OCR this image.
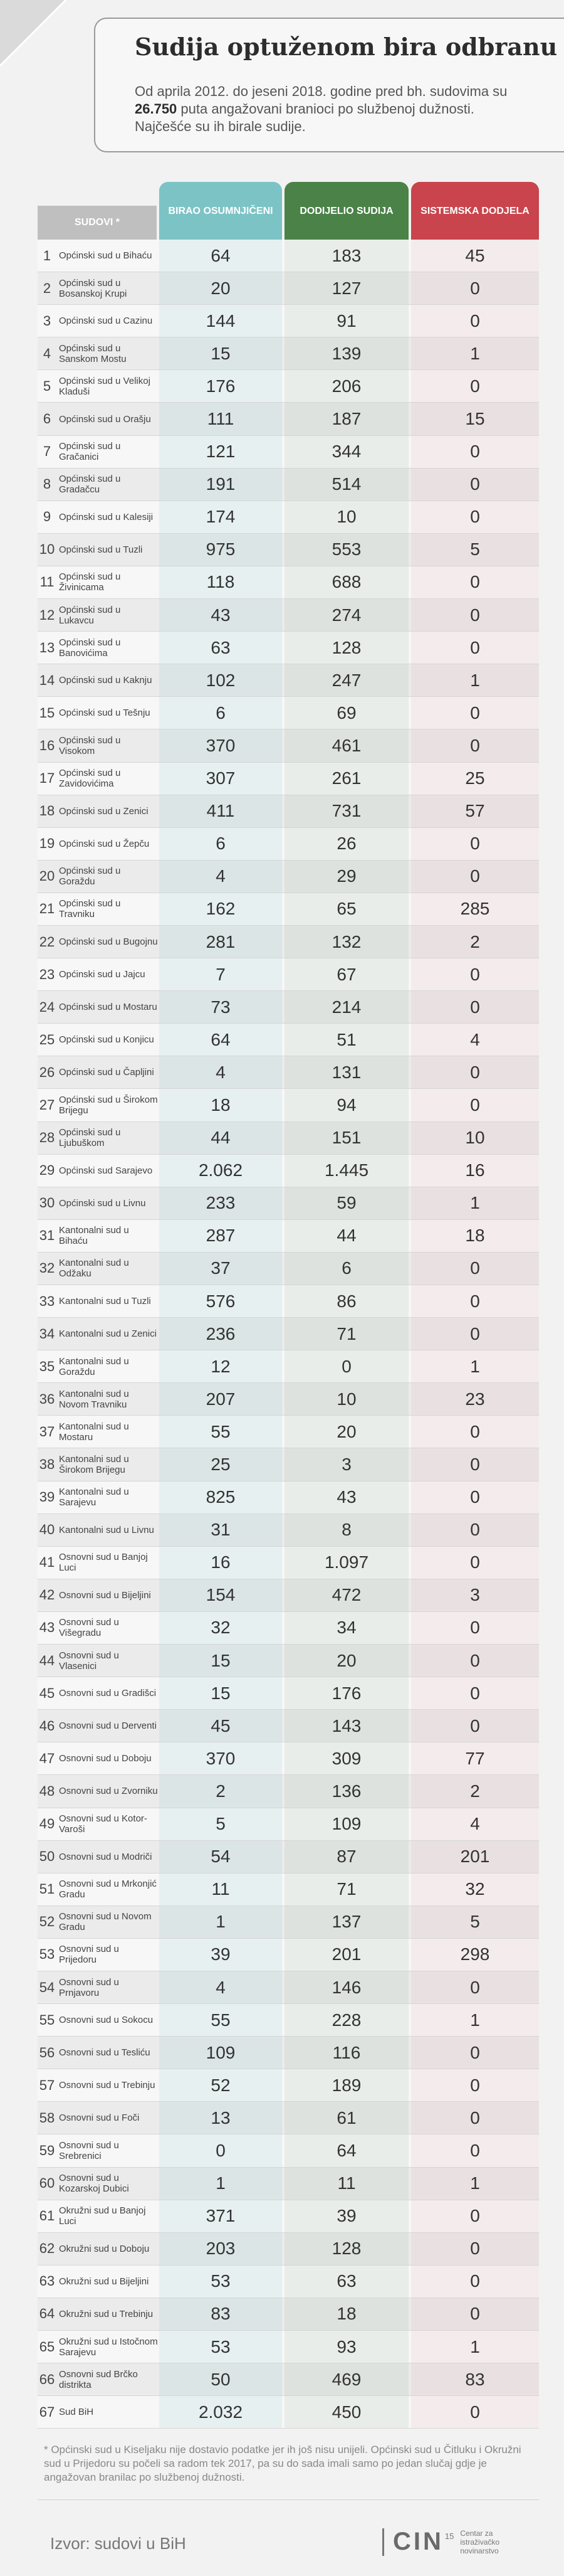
Sudija optuženom bira odbranu

Od aprila 2012. do jeseni 2018. godine pred bh. sudovima su 26.750 puta angažovani branioci po službenoj dužnosti. Najčešće su ih birale sudije.

SUDOVI *
BIRAO OSUMNJIČENI	DODIJELIO SUDIJA	SISTEMSKA DODJELA
1 Općinski sud u Bihaću	64	183	45
2 Općinski sud u Bosanskoj Krupi	20	127	0
3 Općinski sud u Cazinu	144	91	0
4 Općinski sud u Sanskom Mostu	15	139	1
5 Općinski sud u Velikoj Kladuši	176	206	0
6 Općinski sud u Orašju	111	187	15
7 Općinski sud u Gračanici	121	344	0
8 Općinski sud u Gradačcu	191	514	0
9 Općinski sud u Kalesiji	174	10	0
10 Općinski sud u Tuzli	975	553	5
11 Općinski sud u Živinicama	118	688	0
12 Općinski sud u Lukavcu	43	274	0
13 Općinski sud u Banovićima	63	128	0
14 Općinski sud u Kaknju	102	247	1
15 Općinski sud u Tešnju	6	69	0
16 Općinski sud u Visokom	370	461	0
17 Općinski sud u Zavidovićima	307	261	25
18 Općinski sud u Zenici	411	731	57
19 Općinski sud u Žepču	6	26	0
20 Općinski sud u Goraždu	4	29	0
21 Općinski sud u Travniku	162	65	285
22 Općinski sud u Bugojnu	281	132	2
23 Općinski sud u Jajcu	7	67	0
24 Općinski sud u Mostaru	73	214	0
25 Općinski sud u Konjicu	64	51	4
26 Općinski sud u Čapljini	4	131	0
27 Općinski sud u Širokom Brijegu	18	94	0
28 Općinski sud u Ljubuškom	44	151	10
29 Općinski sud Sarajevo	2.062	1.445	16
30 Općinski sud u Livnu	233	59	1
31 Kantonalni sud u Bihaću	287	44	18
32 Kantonalni sud u Odžaku	37	6	0
33 Kantonalni sud u Tuzli	576	86	0
34 Kantonalni sud u Zenici	236	71	0
35 Kantonalni sud u Goraždu	12	0	1
36 Kantonalni sud u Novom Travniku	207	10	23
37 Kantonalni sud u Mostaru	55	20	0
38 Kantonalni sud u Širokom Brijegu	25	3	0
39 Kantonalni sud u Sarajevu	825	43	0
40 Kantonalni sud u Livnu	31	8	0
41 Osnovni sud u Banjoj Luci	16	1.097	0
42 Osnovni sud u Bijeljini	154	472	3
43 Osnovni sud u Višegradu	32	34	0
44 Osnovni sud u Vlasenici	15	20	0
45 Osnovni sud u Gradišci	15	176	0
46 Osnovni sud u Derventi	45	143	0
47 Osnovni sud u Doboju	370	309	77
48 Osnovni sud u Zvorniku	2	136	2
49 Osnovni sud u Kotor-Varoši	5	109	4
50 Osnovni sud u Modriči	54	87	201
51 Osnovni sud u Mrkonjić Gradu	11	71	32
52 Osnovni sud u Novom Gradu	1	137	5
53 Osnovni sud u Prijedoru	39	201	298
54 Osnovni sud u Prnjavoru	4	146	0
55 Osnovni sud u Sokocu	55	228	1
56 Osnovni sud u Tesliću	109	116	0
57 Osnovni sud u Trebinju	52	189	0
58 Osnovni sud u Foči	13	61	0
59 Osnovni sud u Srebrenici	0	64	0
60 Osnovni sud u Kozarskoj Dubici	1	11	1
61 Okružni sud u Banjoj Luci	371	39	0
62 Okružni sud u Doboju	203	128	0
63 Okružni sud u Bijeljini	53	63	0
64 Okružni sud u Trebinju	83	18	0
65 Okružni sud u Istočnom Sarajevu	53	93	1
66 Osnovni sud Brčko distrikta	50	469	83
67 Sud BiH	2.032	450	0

* Općinski sud u Kiseljaku nije dostavio podatke jer ih još nisu unijeli. Općinski sud u Čitluku i Okružni sud u Prijedoru su počeli sa radom tek 2017, pa su do sada imali samo po jedan slučaj gdje je angažovan branilac po službenoj dužnosti.

Izvor: sudovi u BiH	CIN 15 Centar za istraživačko novinarstvo
